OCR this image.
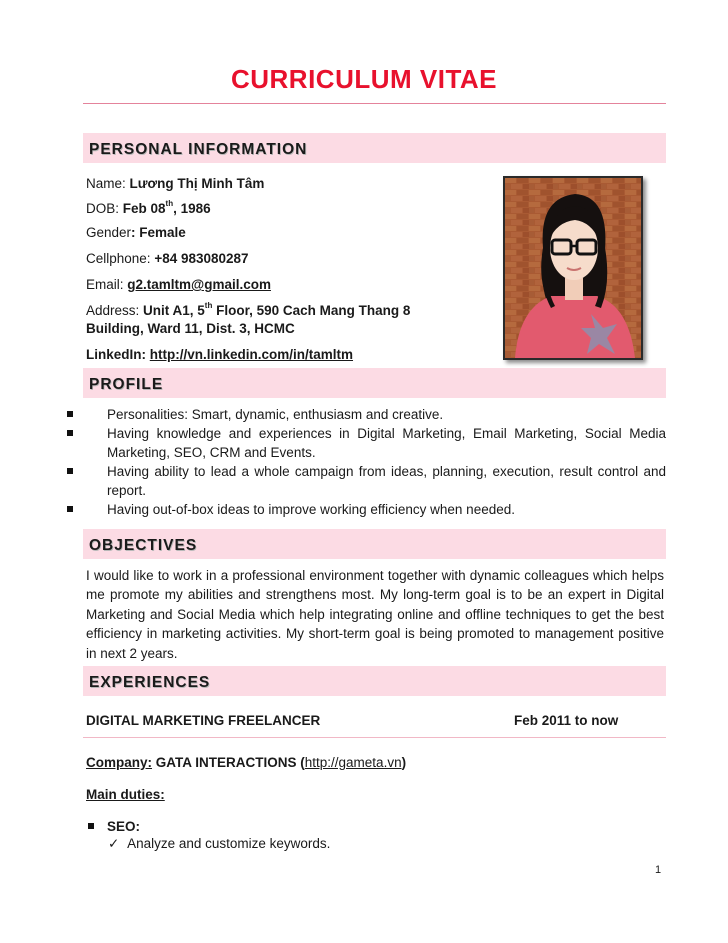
CURRICULUM VITAE
PERSONAL INFORMATION
Name: Lương Thị Minh Tâm
DOB: Feb 08th, 1986
Gender: Female
Cellphone: +84 983080287
Email: g2.tamltm@gmail.com
Address: Unit A1, 5th Floor, 590 Cach Mang Thang 8
Building, Ward 11, Dist. 3, HCMC
LinkedIn: http://vn.linkedin.com/in/tamltm
PROFILE
Personalities: Smart, dynamic, enthusiasm and creative.
Having knowledge and experiences in Digital Marketing, Email Marketing, Social Media Marketing, SEO, CRM and Events.
Having ability to lead a whole campaign from ideas, planning, execution, result control and report.
Having out-of-box ideas to improve working efficiency when needed.
OBJECTIVES

I would like to work in a professional environment together with dynamic colleagues which helps me promote my abilities and strengthens most. My long-term goal is to be an expert in Digital Marketing and Social Media which help integrating online and offline techniques to get the best efficiency in marketing activities. My short-term goal is being promoted to management positive in next 2 years.

EXPERIENCES
DIGITAL MARKETING FREELANCER	Feb 2011 to now
Company: GATA INTERACTIONS (http://gameta.vn)
Main duties:
SEO:
✓ Analyze and customize keywords.
1
